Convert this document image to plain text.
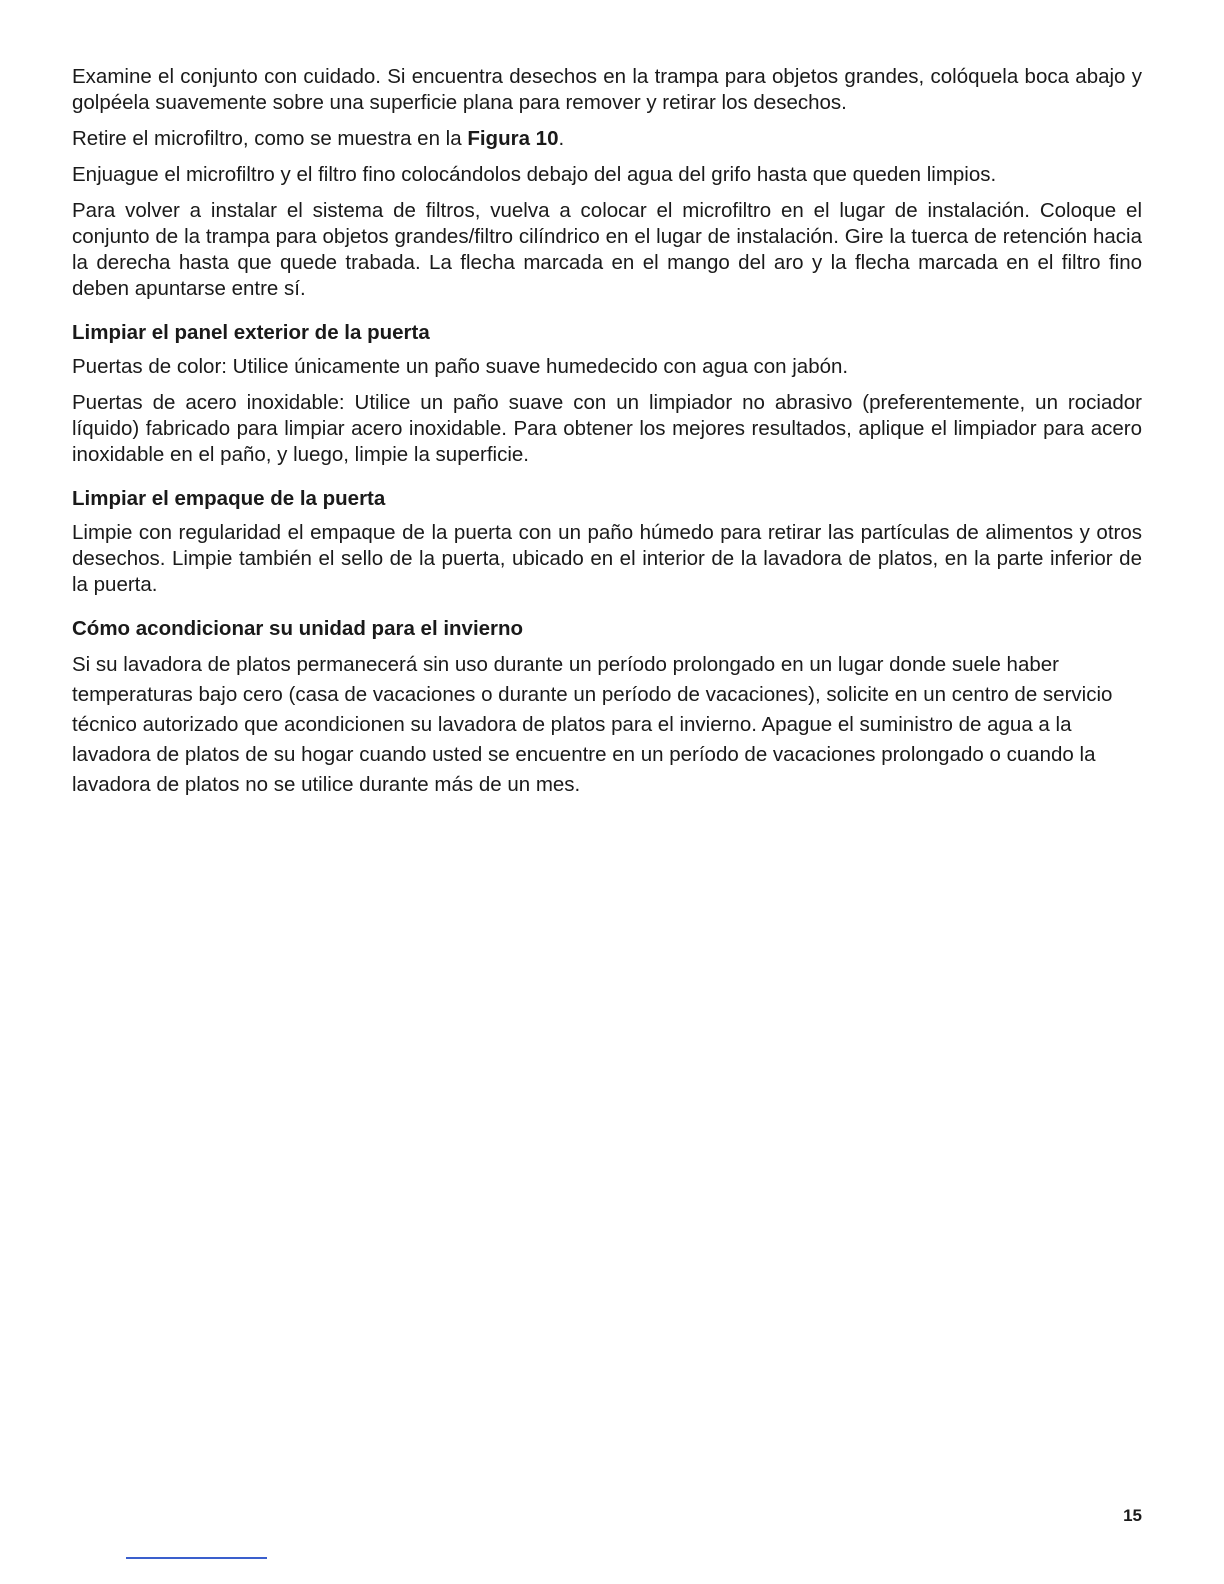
Examine el conjunto con cuidado. Si encuentra desechos en la trampa para objetos grandes, colóquela boca abajo y golpéela suavemente sobre una superficie plana para remover y retirar los desechos.

Retire el microfiltro, como se muestra en la Figura 10.

Enjuague el microfiltro y el filtro fino colocándolos debajo del agua del grifo hasta que queden limpios.

Para volver a instalar el sistema de filtros, vuelva a colocar el microfiltro en el lugar de instalación. Coloque el conjunto de la trampa para objetos grandes/filtro cilíndrico en el lugar de instalación. Gire la tuerca de retención hacia la derecha hasta que quede trabada. La flecha marcada en el mango del aro y la flecha marcada en el filtro fino deben apuntarse entre sí.

Limpiar el panel exterior de la puerta

Puertas de color: Utilice únicamente un paño suave humedecido con agua con jabón.

Puertas de acero inoxidable: Utilice un paño suave con un limpiador no abrasivo (preferentemente, un rociador líquido) fabricado para limpiar acero inoxidable. Para obtener los mejores resultados, aplique el limpiador para acero inoxidable en el paño, y luego, limpie la superficie.

Limpiar el empaque de la puerta

Limpie con regularidad el empaque de la puerta con un paño húmedo para retirar las partículas de alimentos y otros desechos. Limpie también el sello de la puerta, ubicado en el interior de la lavadora de platos, en la parte inferior de la puerta.

Cómo acondicionar su unidad para el invierno

Si su lavadora de platos permanecerá sin uso durante un período prolongado en un lugar donde suele haber temperaturas bajo cero (casa de vacaciones o durante un período de vacaciones), solicite en un centro de servicio técnico autorizado que acondicionen su lavadora de platos para el invierno. Apague el suministro de agua a la lavadora de platos de su hogar cuando usted se encuentre en un período de vacaciones prolongado o cuando la lavadora de platos no se utilice durante más de un mes.

15
